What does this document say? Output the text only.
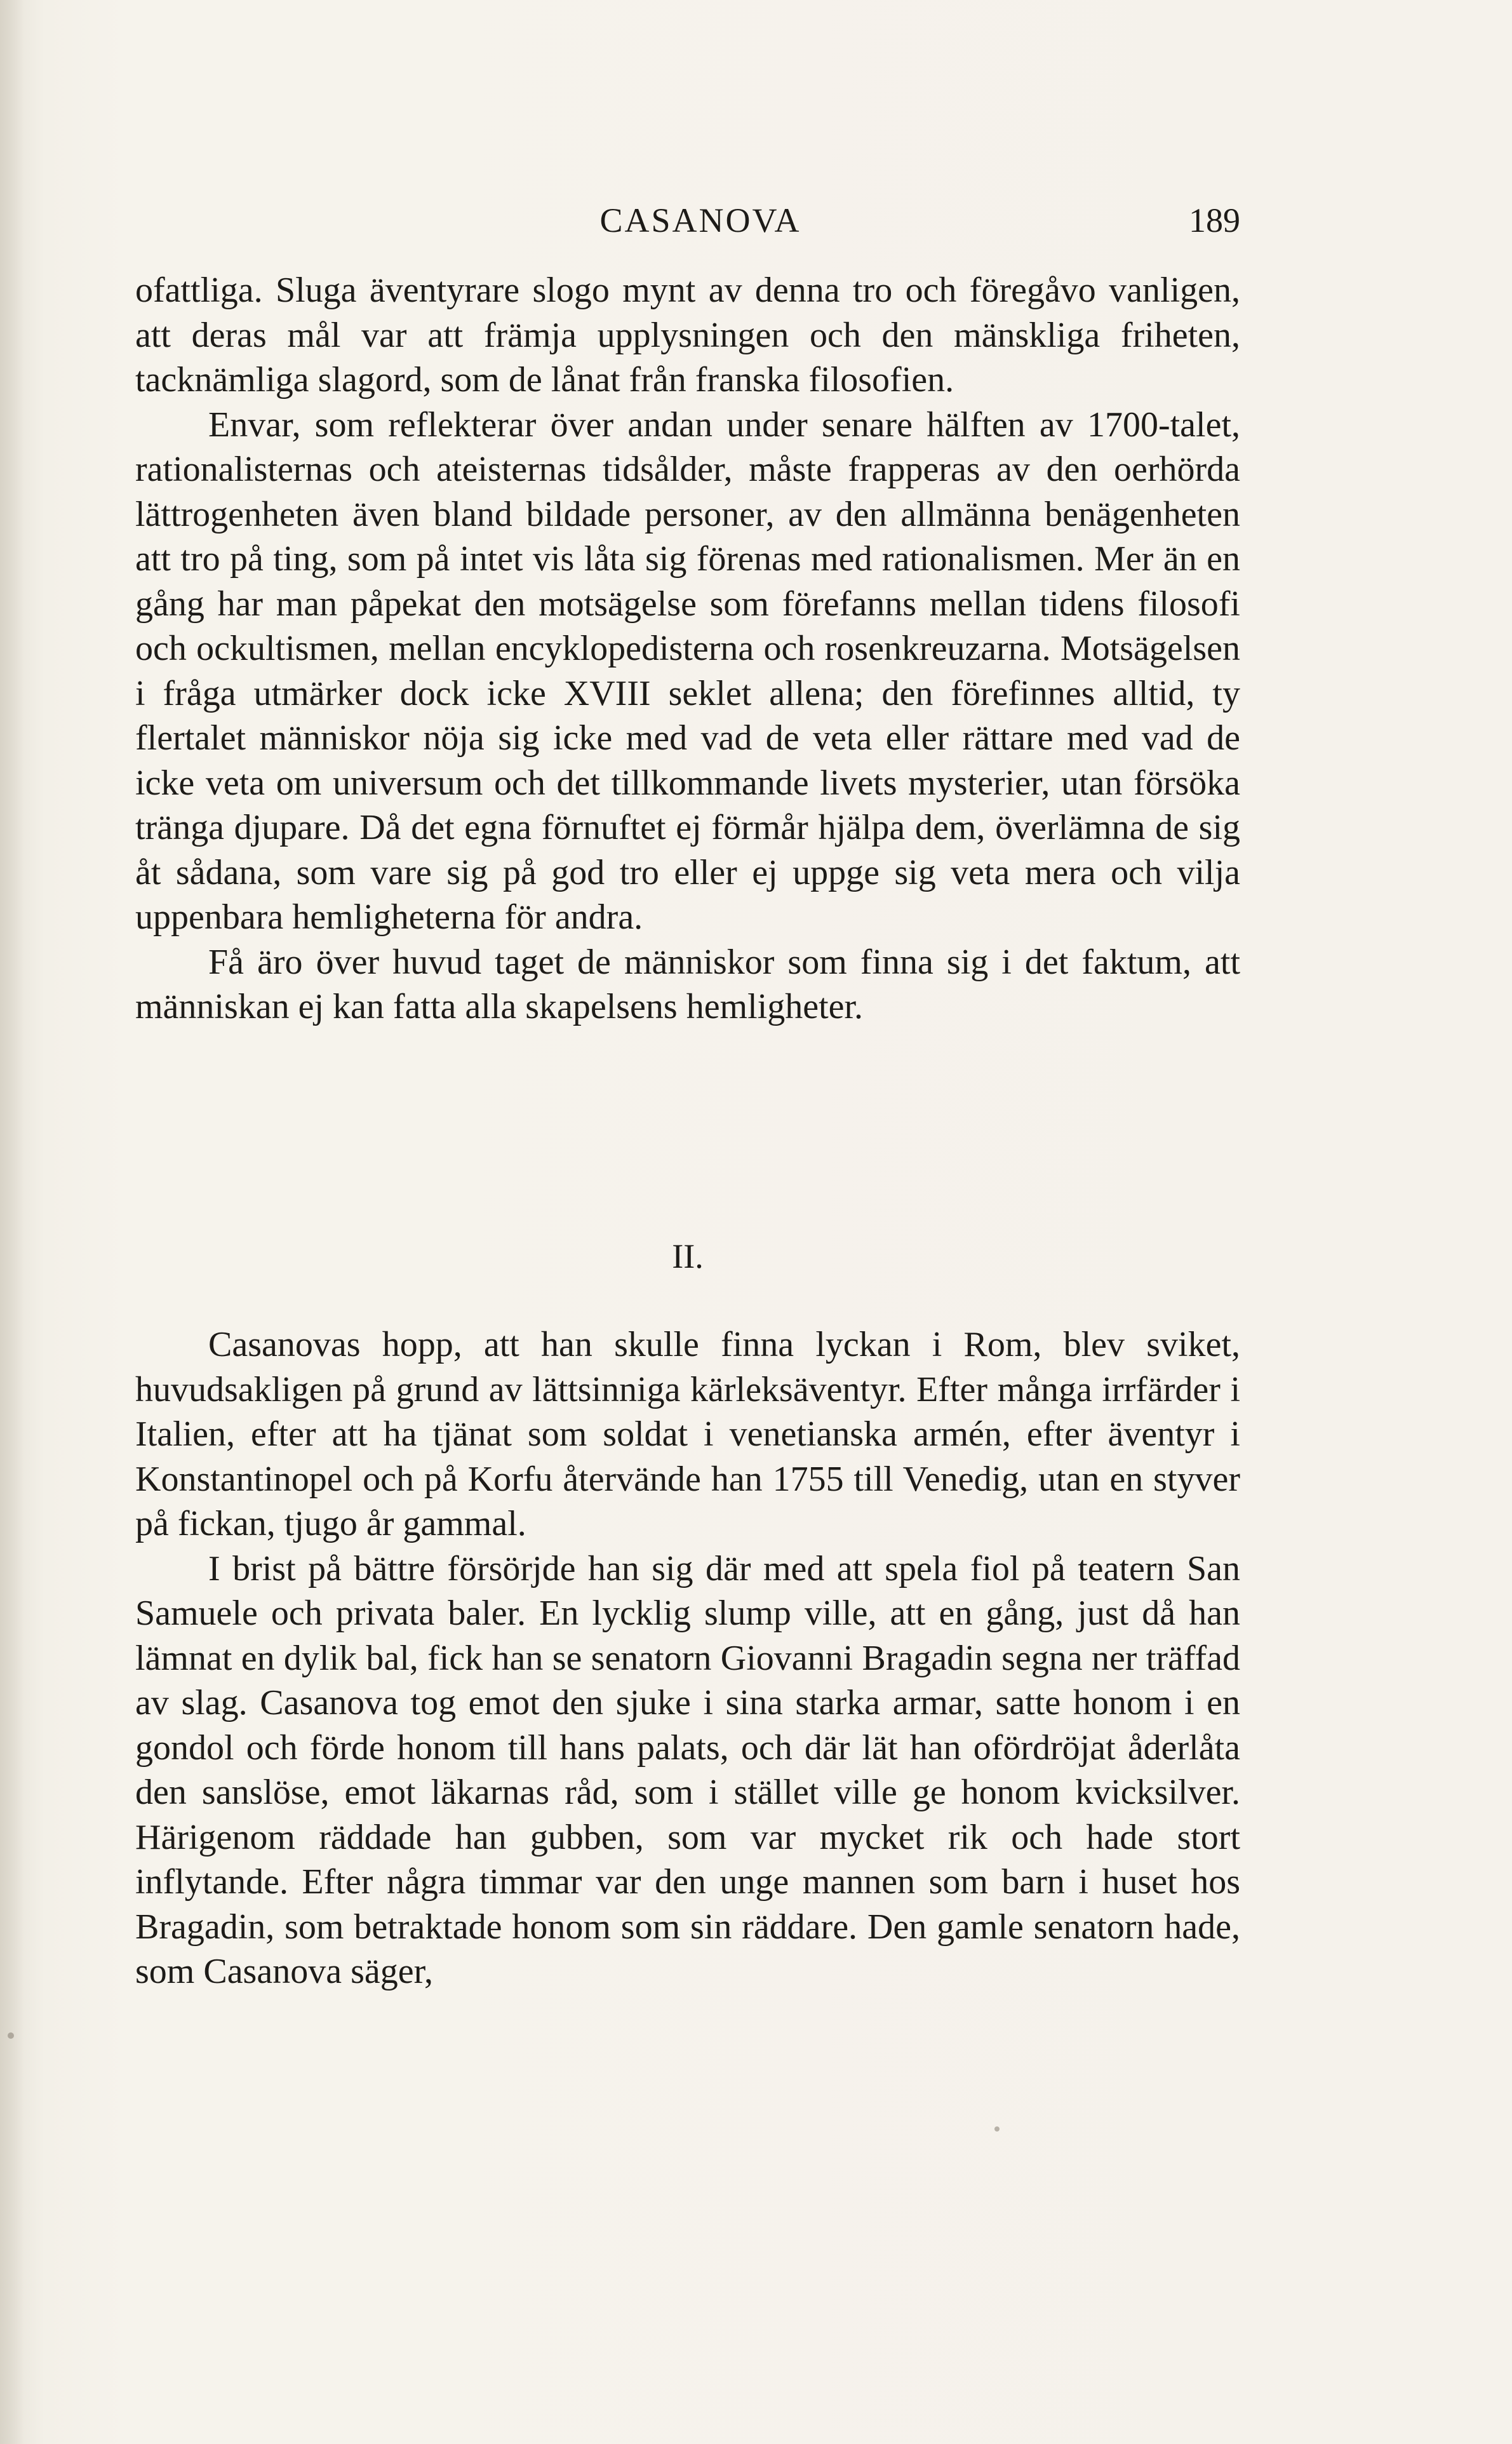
CASANOVA	189

ofattliga. Sluga äventyrare slogo mynt av denna tro och föregåvo vanligen, att deras mål var att främja upplysningen och den mänskliga friheten, tacknämliga slagord, som de lånat från franska filosofien.

Envar, som reflekterar över andan under senare hälften av 1700-talet, rationalisternas och ateisternas tidsålder, måste frapperas av den oerhörda lättrogenheten även bland bildade personer, av den allmänna benägenheten att tro på ting, som på intet vis låta sig förenas med rationalismen. Mer än en gång har man påpekat den motsägelse som förefanns mellan tidens filosofi och ockultismen, mellan encyklopedisterna och rosenkreuzarna. Motsägelsen i fråga utmärker dock icke XVIII seklet allena; den förefinnes alltid, ty flertalet människor nöja sig icke med vad de veta eller rättare med vad de icke veta om universum och det tillkommande livets mysterier, utan försöka tränga djupare. Då det egna förnuftet ej förmår hjälpa dem, överlämna de sig åt sådana, som vare sig på god tro eller ej uppge sig veta mera och vilja uppenbara hemligheterna för andra.

Få äro över huvud taget de människor som finna sig i det faktum, att människan ej kan fatta alla skapelsens hemligheter.

II.

Casanovas hopp, att han skulle finna lyckan i Rom, blev sviket, huvudsakligen på grund av lättsinniga kärleksäventyr. Efter många irrfärder i Italien, efter att ha tjänat som soldat i venetianska armén, efter äventyr i Konstantinopel och på Korfu återvände han 1755 till Venedig, utan en styver på fickan, tjugo år gammal.

I brist på bättre försörjde han sig där med att spela fiol på teatern San Samuele och privata baler. En lycklig slump ville, att en gång, just då han lämnat en dylik bal, fick han se senatorn Giovanni Bragadin segna ner träffad av slag. Casanova tog emot den sjuke i sina starka armar, satte honom i en gondol och förde honom till hans palats, och där lät han ofördröjat åderlåta den sanslöse, emot läkarnas råd, som i stället ville ge honom kvicksilver. Härigenom räddade han gubben, som var mycket rik och hade stort inflytande. Efter några timmar var den unge mannen som barn i huset hos Bragadin, som betraktade honom som sin räddare. Den gamle senatorn hade, som Casanova säger,
